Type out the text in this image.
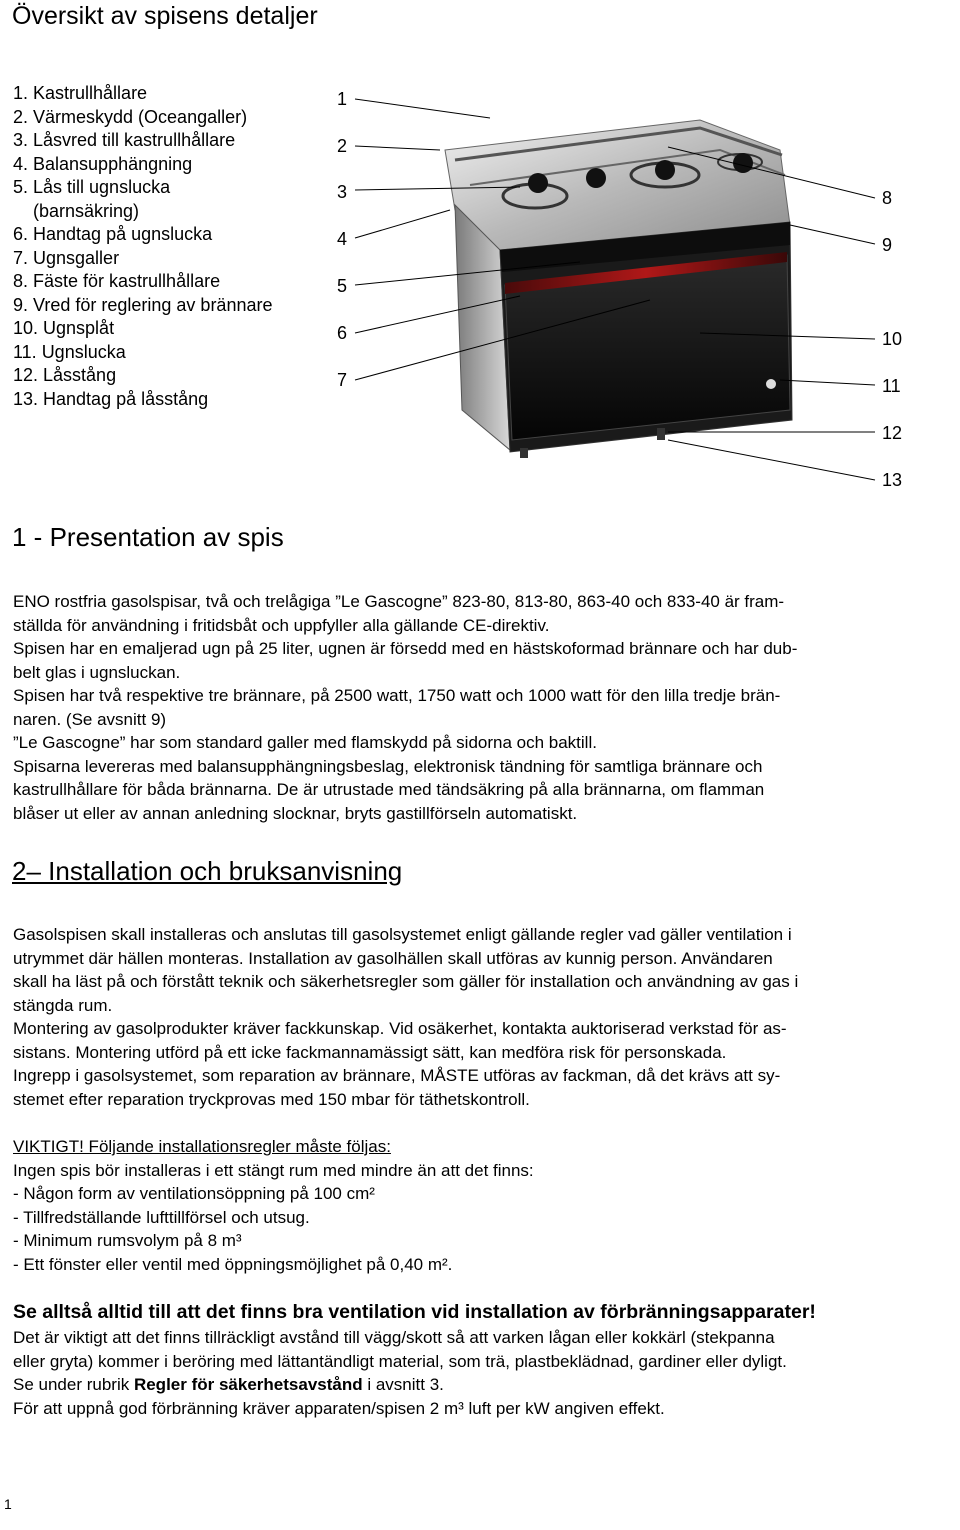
Översikt av spisens detaljer
1. Kastrullhållare
2. Värmeskydd (Oceangaller)
3. Låsvred till kastrullhållare
4. Balansupphängning
5. Lås till ugnslucka
(barnsäkring)
6. Handtag på ugnslucka
7. Ugnsgaller
8. Fäste för kastrullhållare
9. Vred för reglering av brännare
10. Ugnsplåt
11. Ugnslucka
12. Låsstång
13. Handtag på låsstång
1
2
3
4
5
6
7
8
9
10
11
12
13
1 - Presentation av spis

ENO rostfria gasolspisar, två och trelågiga ”Le Gascogne” 823-80, 813-80, 863-40 och 833-40 är fram-

ställda för användning i fritidsbåt och uppfyller alla gällande CE-direktiv.

Spisen har en emaljerad ugn på 25 liter, ugnen är försedd med en hästskoformad brännare och har dub-

belt glas i ugnsluckan.

Spisen har två respektive tre brännare, på 2500 watt, 1750 watt och 1000 watt för den lilla tredje brän-

naren. (Se avsnitt 9)

”Le Gascogne” har som standard galler med flamskydd på sidorna och baktill.

Spisarna levereras med balansupphängningsbeslag, elektronisk tändning för samtliga brännare och

kastrullhållare för båda brännarna. De är utrustade med tändsäkring på alla brännarna, om flamman

blåser ut eller av annan anledning slocknar, bryts gastillförseln automatiskt.

2– Installation och bruksanvisning

Gasolspisen skall installeras och anslutas till gasolsystemet enligt gällande regler vad gäller ventilation i

utrymmet där hällen monteras. Installation av gasolhällen skall utföras av kunnig person. Användaren

skall ha läst på och förstått teknik och säkerhetsregler som gäller för installation och användning av gas i

stängda rum.

Montering av gasolprodukter kräver fackkunskap. Vid osäkerhet, kontakta auktoriserad verkstad för as-

sistans. Montering utförd på ett icke fackmannamässigt sätt, kan medföra risk för personskada.

Ingrepp i gasolsystemet, som reparation av brännare, MÅSTE utföras av fackman, då det krävs att sy-

stemet efter reparation tryckprovas med 150 mbar för täthetskontroll.

VIKTIGT! Följande installationsregler måste följas:

Ingen spis bör installeras i ett stängt rum med mindre än att det finns:

- Någon form av ventilationsöppning på 100 cm²

- Tillfredställande lufttillförsel och utsug.

- Minimum rumsvolym på 8 m³

- Ett fönster eller ventil med öppningsmöjlighet på 0,40 m².

Se alltså alltid till att det finns bra ventilation vid installation av förbränningsapparater!

Det är viktigt att det finns tillräckligt avstånd till vägg/skott så att varken lågan eller kokkärl (stekpanna

eller gryta) kommer i beröring med lättantändligt material, som trä, plastbeklädnad, gardiner eller dyligt.

Se under rubrik Regler för säkerhetsavstånd i avsnitt 3.

För att uppnå god förbränning kräver apparaten/spisen 2 m³ luft per kW angiven effekt.

1
